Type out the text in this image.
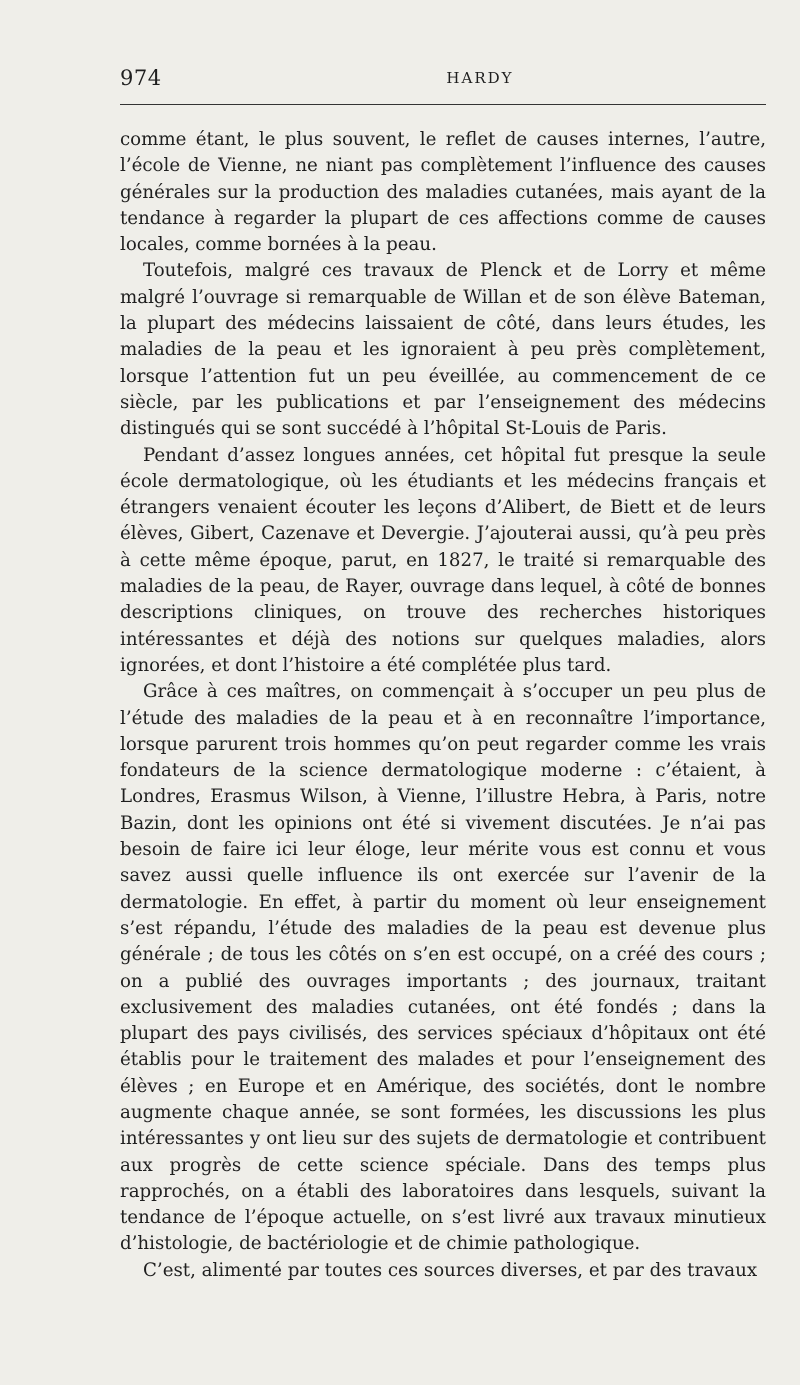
974	HARDY

comme étant, le plus souvent, le reflet de causes internes, l’autre, l’école de Vienne, ne niant pas complètement l’influence des causes générales sur la production des maladies cutanées, mais ayant de la tendance à regarder la plupart de ces affections comme de causes locales, comme bornées à la peau.

Toutefois, malgré ces travaux de Plenck et de Lorry et même malgré l’ouvrage si remarquable de Willan et de son élève Bateman, la plupart des médecins laissaient de côté, dans leurs études, les maladies de la peau et les ignoraient à peu près complètement, lorsque l’attention fut un peu éveillée, au commencement de ce siècle, par les publications et par l’enseignement des médecins distingués qui se sont succédé à l’hôpital St-Louis de Paris.

Pendant d’assez longues années, cet hôpital fut presque la seule école dermatologique, où les étudiants et les médecins français et étrangers venaient écouter les leçons d’Alibert, de Biett et de leurs élèves, Gibert, Cazenave et Devergie. J’ajouterai aussi, qu’à peu près à cette même époque, parut, en 1827, le traité si remarquable des maladies de la peau, de Rayer, ouvrage dans lequel, à côté de bonnes descriptions cliniques, on trouve des recherches historiques intéressantes et déjà des notions sur quelques maladies, alors ignorées, et dont l’histoire a été complétée plus tard.

Grâce à ces maîtres, on commençait à s’occuper un peu plus de l’étude des maladies de la peau et à en reconnaître l’importance, lorsque parurent trois hommes qu’on peut regarder comme les vrais fondateurs de la science dermatologique moderne : c’étaient, à Londres, Erasmus Wilson, à Vienne, l’illustre Hebra, à Paris, notre Bazin, dont les opinions ont été si vivement discutées. Je n’ai pas besoin de faire ici leur éloge, leur mérite vous est connu et vous savez aussi quelle influence ils ont exercée sur l’avenir de la dermatologie. En effet, à partir du moment où leur enseignement s’est répandu, l’étude des maladies de la peau est devenue plus générale ; de tous les côtés on s’en est occupé, on a créé des cours ; on a publié des ouvrages importants ; des journaux, traitant exclusivement des maladies cutanées, ont été fondés ; dans la plupart des pays civilisés, des services spéciaux d’hôpitaux ont été établis pour le traitement des malades et pour l’enseignement des élèves ; en Europe et en Amérique, des sociétés, dont le nombre augmente chaque année, se sont formées, les discussions les plus intéressantes y ont lieu sur des sujets de dermatologie et contribuent aux progrès de cette science spéciale. Dans des temps plus rapprochés, on a établi des laboratoires dans lesquels, suivant la tendance de l’époque actuelle, on s’est livré aux travaux minutieux d’histologie, de bactériologie et de chimie pathologique.

C’est, alimenté par toutes ces sources diverses, et par des travaux
